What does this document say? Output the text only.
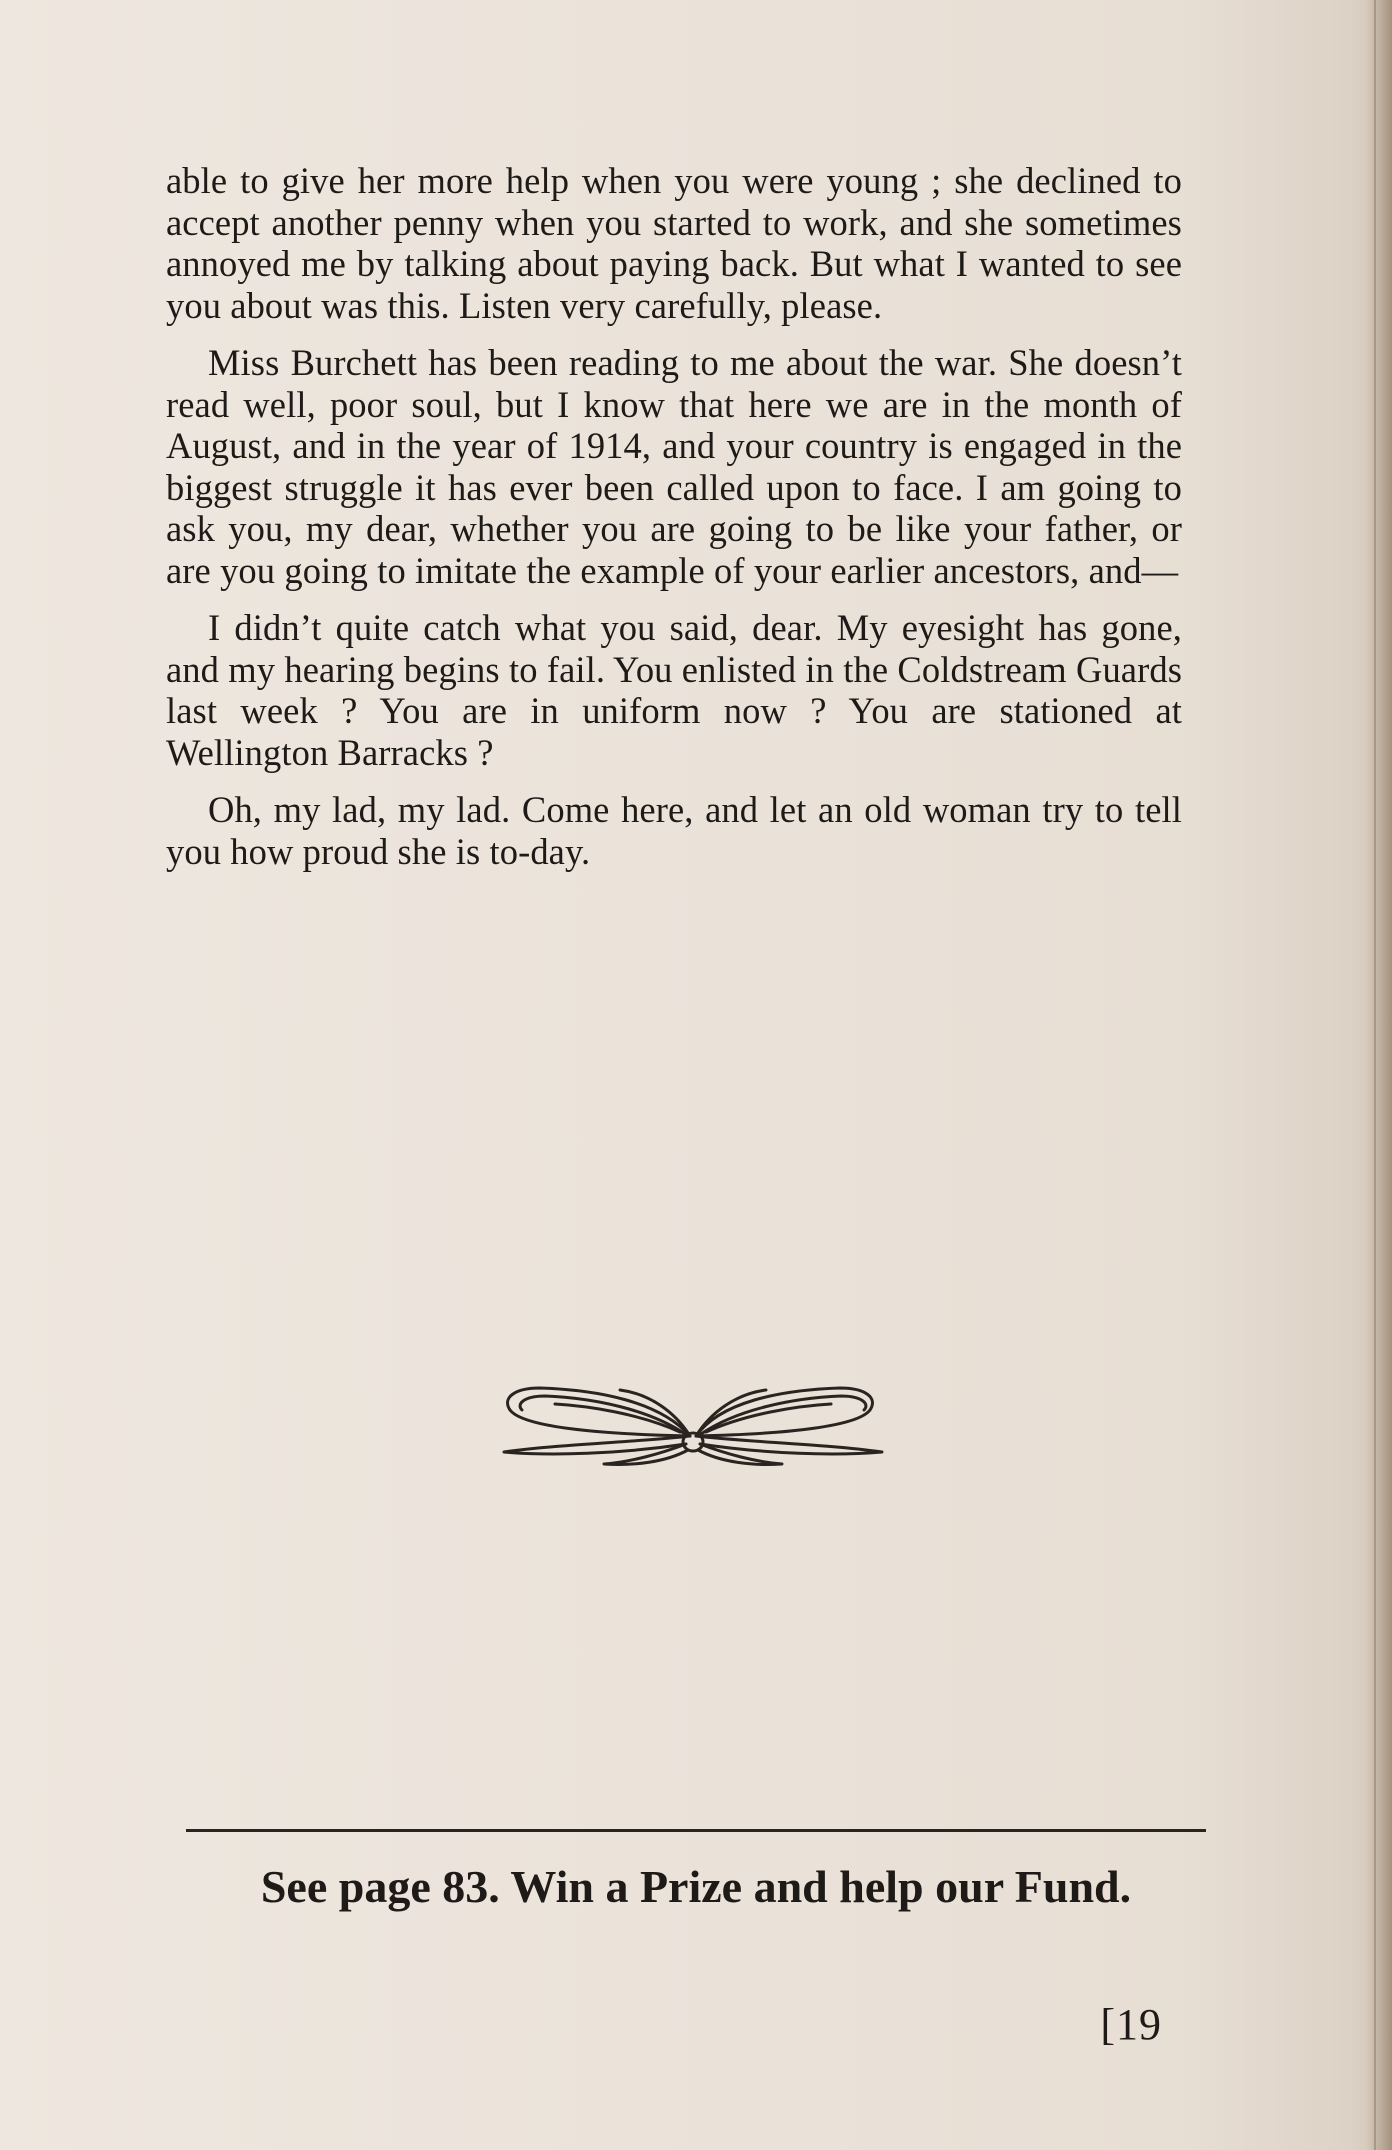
able to give her more help when you were young ; she declined to accept another penny when you started to work, and she sometimes annoyed me by talking about paying back. But what I wanted to see you about was this. Listen very carefully, please.

Miss Burchett has been reading to me about the war. She doesn’t read well, poor soul, but I know that here we are in the month of August, and in the year of 1914, and your country is engaged in the biggest struggle it has ever been called upon to face. I am going to ask you, my dear, whether you are going to be like your father, or are you going to imitate the example of your earlier ancestors, and—

I didn’t quite catch what you said, dear. My eyesight has gone, and my hearing begins to fail. You enlisted in the Coldstream Guards last week ? You are in uniform now ? You are stationed at Wellington Barracks ?

Oh, my lad, my lad. Come here, and let an old woman try to tell you how proud she is to-day.

See page 83. Win a Prize and help our Fund.
[19
